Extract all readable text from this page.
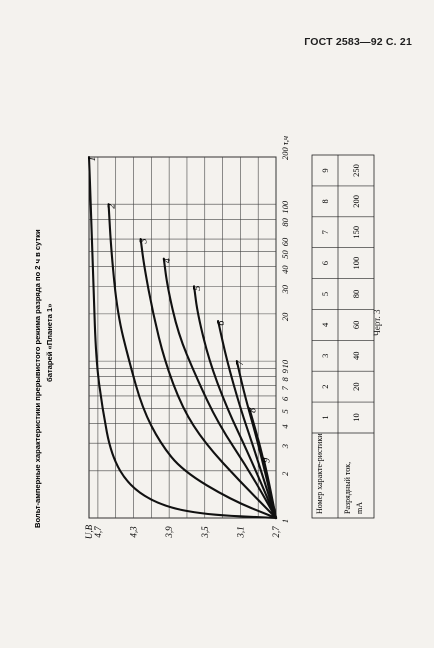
ГОСТ 2583—92 С. 21
Вольт-амперные характеристики прерывистого режима разряда по 2 ч в сутки батарей «Планета 1»
1
2
3
4
5
6
7
8
9
10
20
30
40
50
60
80
100
200 τ,ч
2,7
3,1
3,5
3,9
4,3
4,7
U,В
1
2
3
4
5
6
7
8
9
1 10
2 20
3 40
4 60
5 80
6 100
7 150
8 200
9 250
Номер характе-ристики Разрядный ток, mA
Черт. 3
